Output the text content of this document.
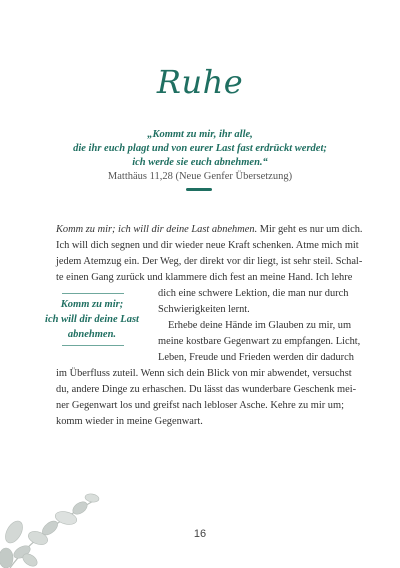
Ruhe
„Kommt zu mir, ihr alle,
die ihr euch plagt und von eurer Last fast erdrückt werdet;
ich werde sie euch abnehmen.“
Matthäus 11,28 (Neue Genfer Übersetzung)
Komm zu mir; ich will dir deine Last abnehmen. Mir geht es nur um dich.
Ich will dich segnen und dir wieder neue Kraft schenken. Atme mich mit
jedem Atemzug ein. Der Weg, der direkt vor dir liegt, ist sehr steil. Schal-
te einen Gang zurück und klammere dich fest an meine Hand. Ich lehre
dich eine schwere Lektion, die man nur durch
Schwierigkeiten lernt.
Erhebe deine Hände im Glauben zu mir, um
meine kostbare Gegenwart zu empfangen. Licht,
Leben, Freude und Frieden werden dir dadurch
im Überfluss zuteil. Wenn sich dein Blick von mir abwendet, versuchst
du, andere Dinge zu erhaschen. Du lässt das wunderbare Geschenk mei-
ner Gegenwart los und greifst nach lebloser Asche. Kehre zu mir um;
komm wieder in meine Gegenwart.
Komm zu mir;
ich will dir deine Last
abnehmen.
16
